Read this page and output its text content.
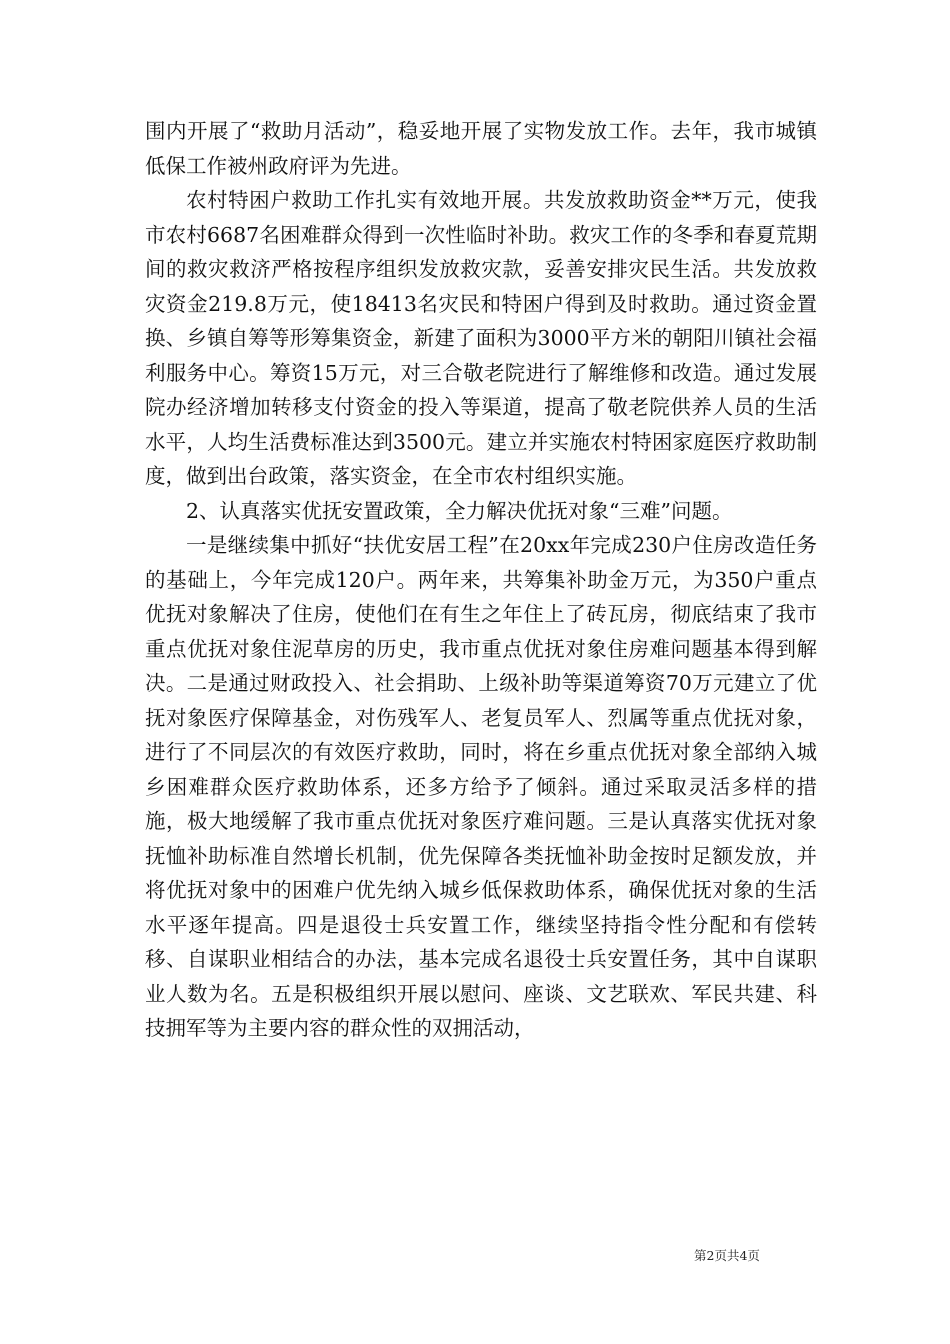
围内开展了“救助月活动”，稳妥地开展了实物发放工作。去年，我市城镇低保工作被州政府评为先进。

农村特困户救助工作扎实有效地开展。共发放救助资金**万元，使我市农村6687名困难群众得到一次性临时补助。救灾工作的冬季和春夏荒期间的救灾救济严格按程序组织发放救灾款，妥善安排灾民生活。共发放救灾资金219.8万元，使18413名灾民和特困户得到及时救助。通过资金置换、乡镇自筹等形筹集资金，新建了面积为3000平方米的朝阳川镇社会福利服务中心。筹资15万元，对三合敬老院进行了解维修和改造。通过发展院办经济增加转移支付资金的投入等渠道，提高了敬老院供养人员的生活水平，人均生活费标准达到3500元。建立并实施农村特困家庭医疗救助制度，做到出台政策，落实资金，在全市农村组织实施。

2、认真落实优抚安置政策，全力解决优抚对象“三难”问题。

一是继续集中抓好“扶优安居工程”在20xx年完成230户住房改造任务的基础上，今年完成120户。两年来，共筹集补助金万元，为350户重点优抚对象解决了住房，使他们在有生之年住上了砖瓦房，彻底结束了我市重点优抚对象住泥草房的历史，我市重点优抚对象住房难问题基本得到解决。二是通过财政投入、社会捐助、上级补助等渠道筹资70万元建立了优抚对象医疗保障基金，对伤残军人、老复员军人、烈属等重点优抚对象，进行了不同层次的有效医疗救助，同时，将在乡重点优抚对象全部纳入城乡困难群众医疗救助体系，还多方给予了倾斜。通过采取灵活多样的措施，极大地缓解了我市重点优抚对象医疗难问题。三是认真落实优抚对象抚恤补助标准自然增长机制，优先保障各类抚恤补助金按时足额发放，并将优抚对象中的困难户优先纳入城乡低保救助体系，确保优抚对象的生活水平逐年提高。四是退役士兵安置工作，继续坚持指令性分配和有偿转移、自谋职业相结合的办法，基本完成名退役士兵安置任务，其中自谋职业人数为名。五是积极组织开展以慰问、座谈、文艺联欢、军民共建、科技拥军等为主要内容的群众性的双拥活动，

第2页共4页
